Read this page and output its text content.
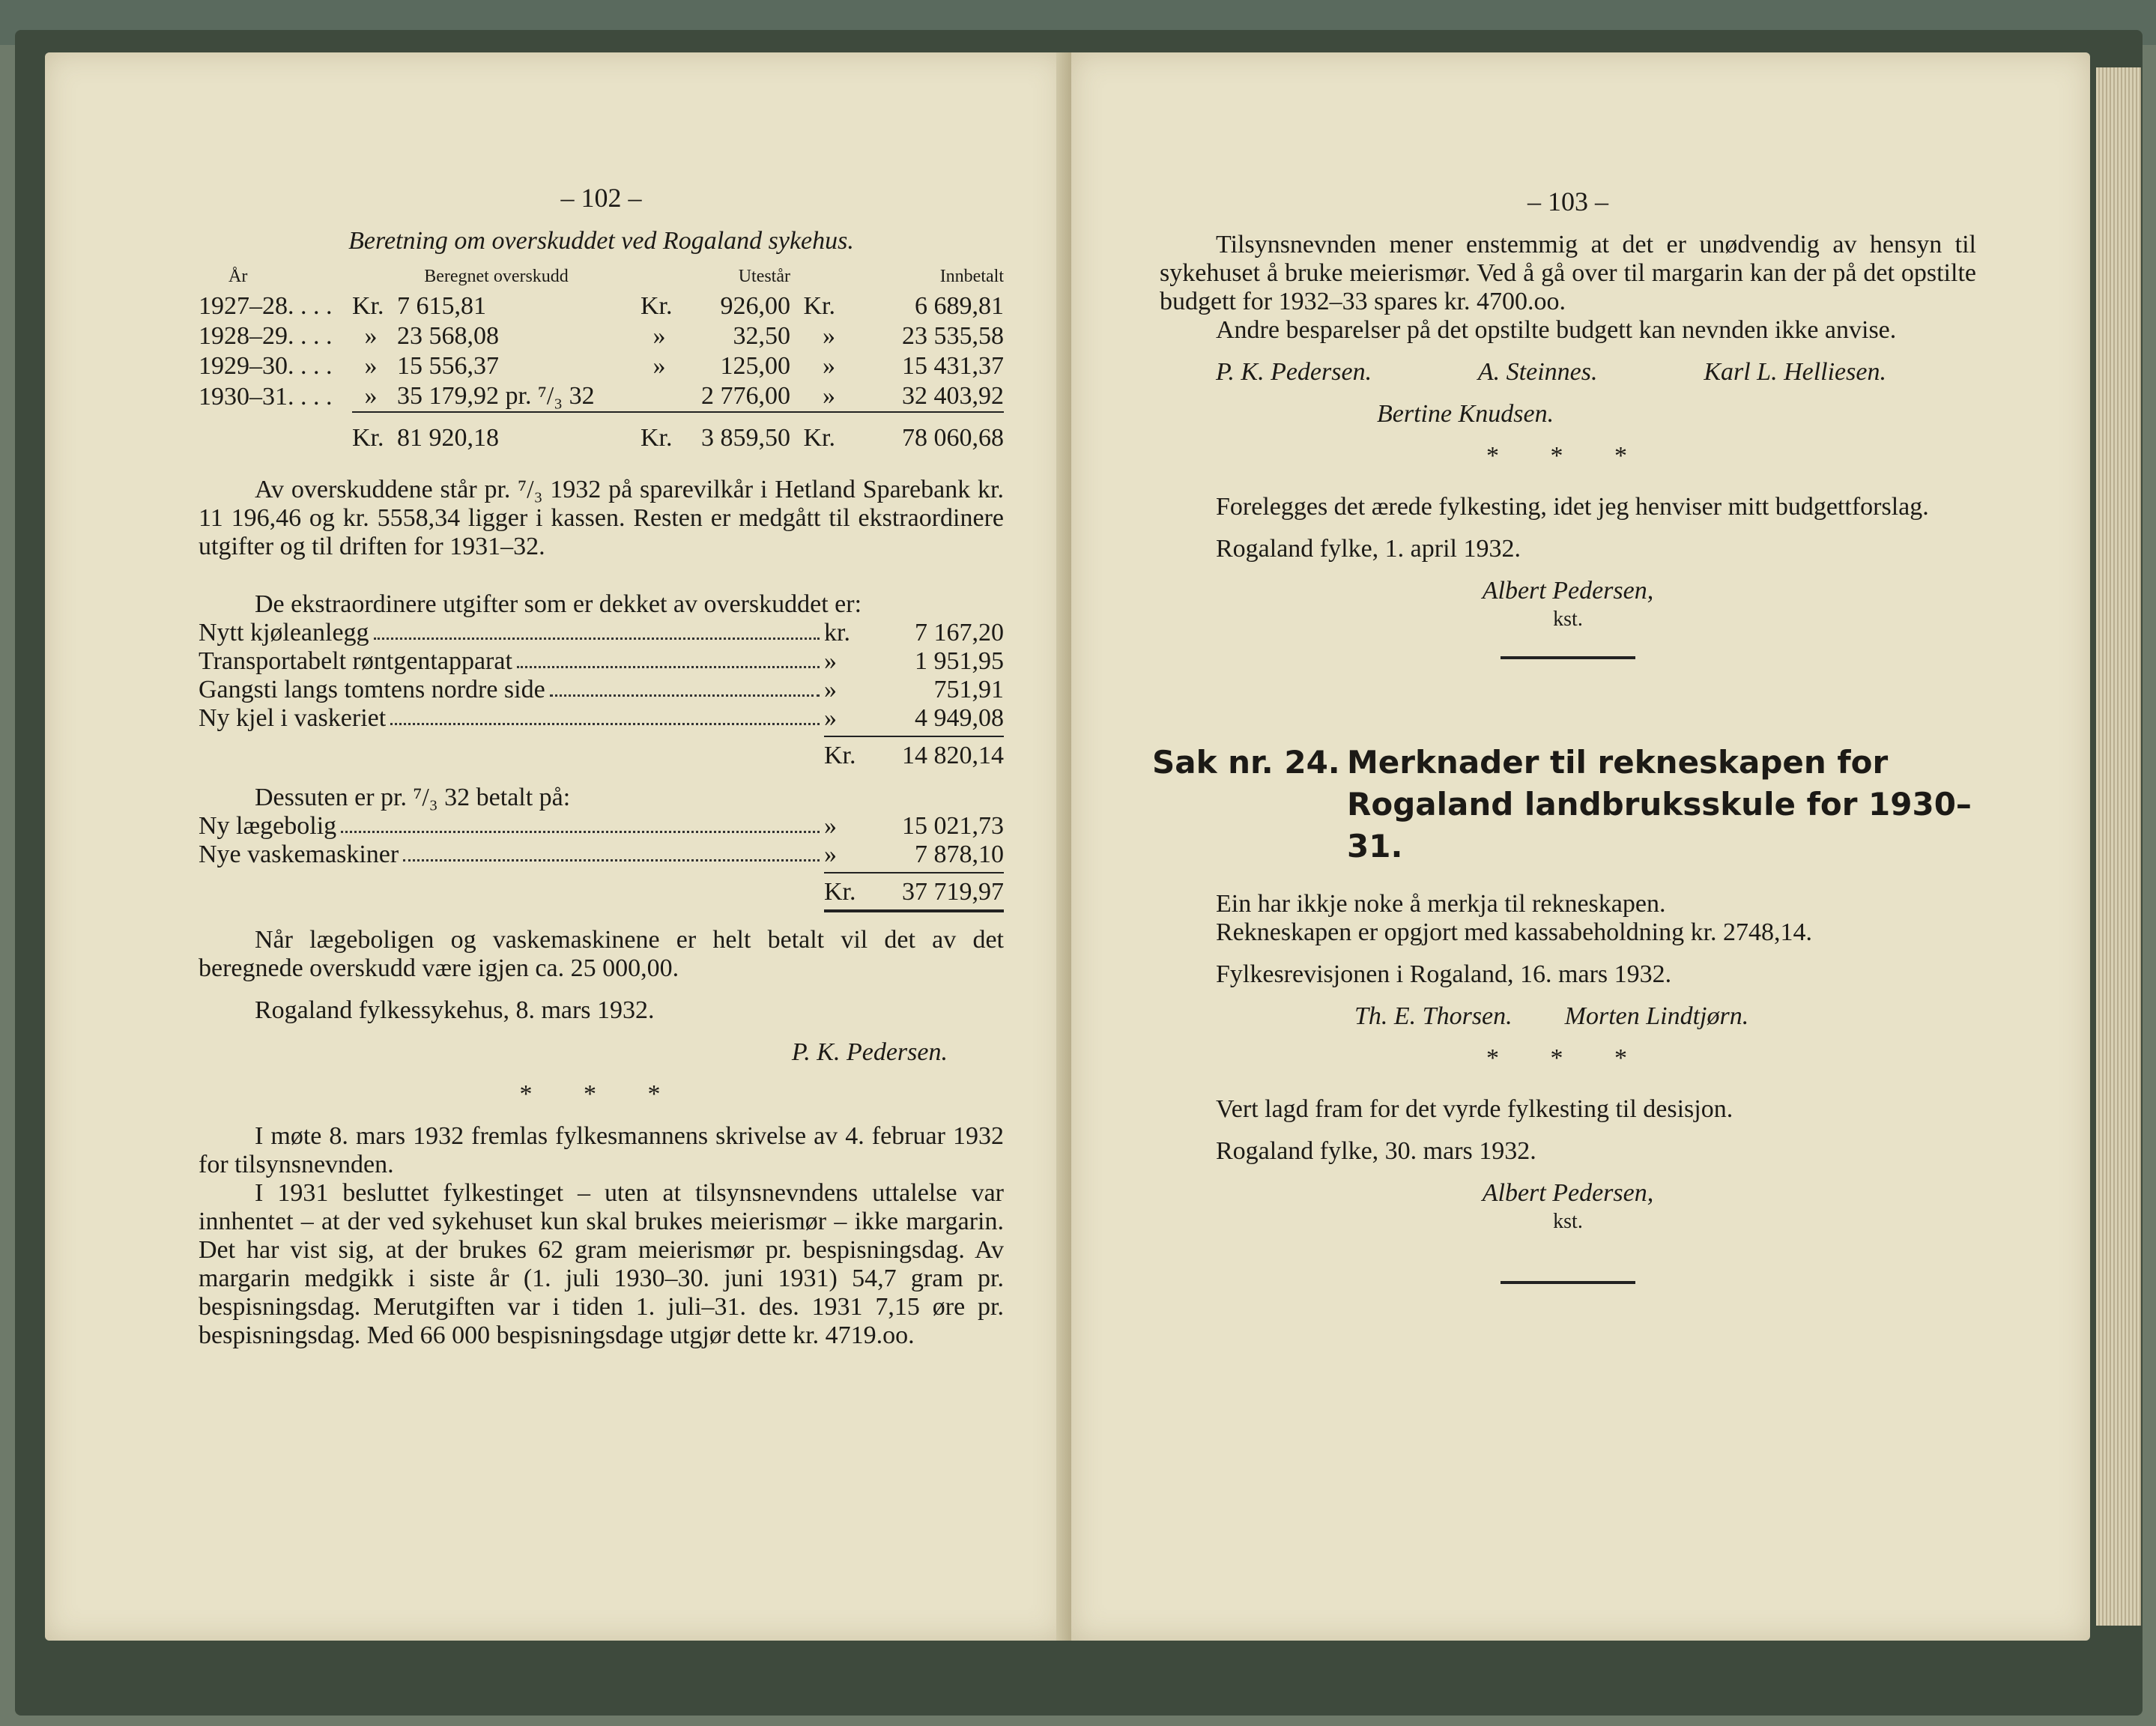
– 102 –
Beretning om overskuddet ved Rogaland sykehus.
År	Beregnet overskudd		Utestår		Innbetalt	
1927–28. . . .	Kr.	7 615,81	Kr.	926,00	Kr.	6 689,81
1928–29. . . .	»	23 568,08	»	32,50	»	23 535,58
1929–30. . . .	»	15 556,37	»	125,00	»	15 431,37
1930–31. . . .	»	35 179,92 pr. ⁷/₃ 32		2 776,00	»	32 403,92
	Kr.	81 920,18	Kr.	3 859,50	Kr.	78 060,68

Av overskuddene står pr. ⁷/₃ 1932 på sparevilkår i Hetland Sparebank kr. 11 196,46 og kr. 5558,34 ligger i kassen. Resten er medgått til ekstraordinere utgifter og til driften for 1931–32.

De ekstraordinere utgifter som er dekket av overskuddet er:

Nytt kjøleanlegg	kr.	7 167,20
Transportabelt røntgentapparat	»	1 951,95
Gangsti langs tomtens nordre side	»	751,91
Ny kjel i vaskeriet	»	4 949,08
Kr.	14 820,14

Dessuten er pr. ⁷/₃ 32 betalt på:

Ny lægebolig	»	15 021,73
Nye vaskemaskiner	»	7 878,10
Kr.	37 719,97

Når lægeboligen og vaskemaskinene er helt betalt vil det av det beregnede overskudd være igjen ca. 25 000,00.

Rogaland fylkessykehus, 8. mars 1932.

P. K. Pedersen.
* * *

I møte 8. mars 1932 fremlas fylkesmannens skrivelse av 4. februar 1932 for tilsynsnevnden.

I 1931 besluttet fylkestinget – uten at tilsynsnevndens uttalelse var innhentet – at der ved sykehuset kun skal brukes meierismør – ikke margarin. Det har vist sig, at der brukes 62 gram meierismør pr. bespisningsdag. Av margarin medgikk i siste år (1. juli 1930–30. juni 1931) 54,7 gram pr. bespisningsdag. Merutgiften var i tiden 1. juli–31. des. 1931 7,15 øre pr. bespisningsdag. Med 66 000 bespisningsdage utgjør dette kr. 4719.oo.

– 103 –

Tilsynsnevnden mener enstemmig at det er unødvendig av hensyn til sykehuset å bruke meierismør. Ved å gå over til margarin kan der på det opstilte budgett for 1932–33 spares kr. 4700.oo.

Andre besparelser på det opstilte budgett kan nevnden ikke anvise.

P. K. Pedersen.	A. Steinnes.	Karl L. Helliesen.
Bertine Knudsen.
* * *

Forelegges det ærede fylkesting, idet jeg henviser mitt budgettforslag.

Rogaland fylke, 1. april 1932.

Albert Pedersen,
kst.
Sak nr. 24. Merknader til rekneskapen for Rogaland landbruksskule for 1930–31.

Ein har ikkje noke å merkja til rekneskapen.

Rekneskapen er opgjort med kassabeholdning kr. 2748,14.

Fylkesrevisjonen i Rogaland, 16. mars 1932.

Th. E. Thorsen. Morten Lindtjørn.
* * *

Vert lagd fram for det vyrde fylkesting til desisjon.

Rogaland fylke, 30. mars 1932.

Albert Pedersen,
kst.
